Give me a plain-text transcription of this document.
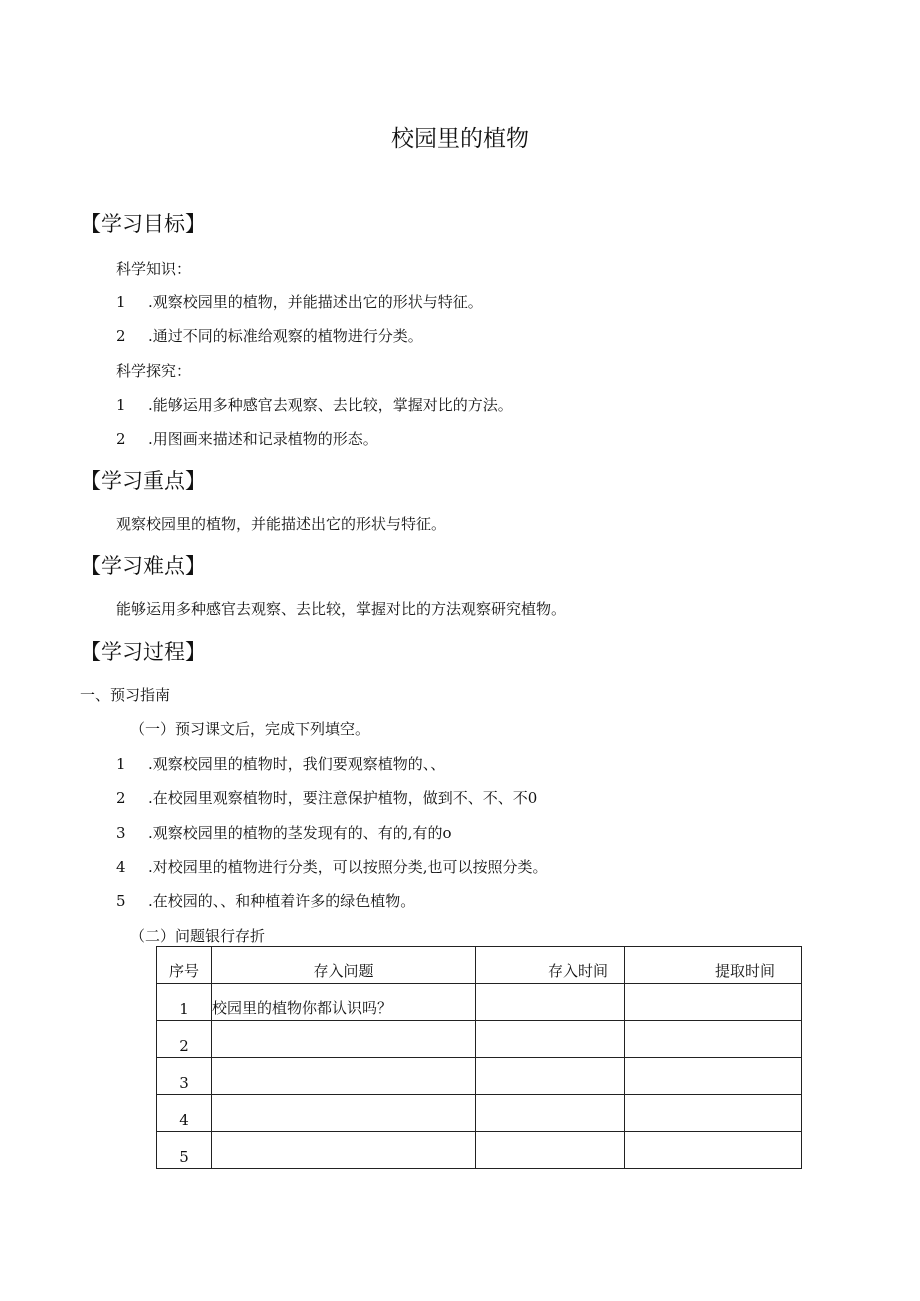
校园里的植物
【学习目标】
科学知识：
1 .观察校园里的植物，并能描述出它的形状与特征。
2 .通过不同的标准给观察的植物进行分类。
科学探究：
1 .能够运用多种感官去观察、去比较，掌握对比的方法。
2 .用图画来描述和记录植物的形态。
【学习重点】
观察校园里的植物，并能描述出它的形状与特征。
【学习难点】
能够运用多种感官去观察、去比较，掌握对比的方法观察研究植物。
【学习过程】
一、预习指南
（一）预习课文后，完成下列填空。
1 .观察校园里的植物时，我们要观察植物的、、
2 .在校园里观察植物时，要注意保护植物，做到不、不、不0
3 .观察校园里的植物的茎发现有的、有的,有的o
4 .对校园里的植物进行分类，可以按照分类,也可以按照分类。
5 .在校园的、、和种植着许多的绿色植物。
（二）问题银行存折
序号	存入问题	存入时间	提取时间
1	校园里的植物你都认识吗？		
2			
3			
4			
5			
